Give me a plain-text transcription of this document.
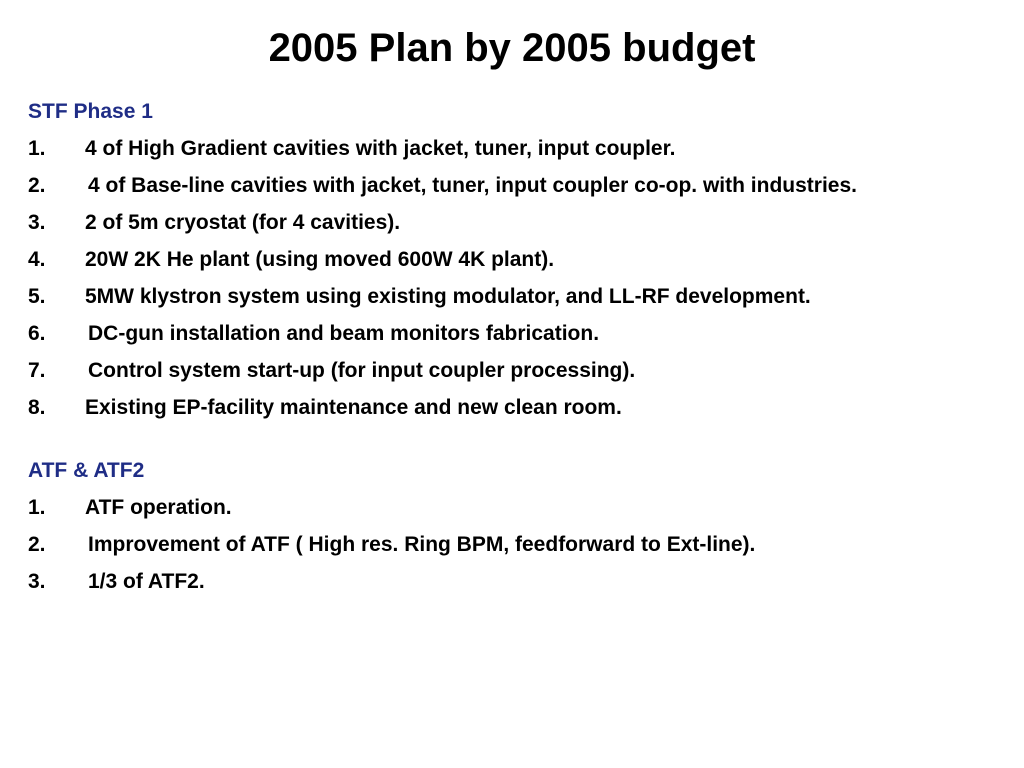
2005 Plan by 2005 budget
STF Phase 1
1.	4 of High Gradient cavities with jacket, tuner, input coupler.
2.	4 of Base-line cavities with jacket, tuner, input coupler co-op. with industries.
3.	2 of 5m cryostat (for 4 cavities).
4.	20W 2K He plant (using moved 600W 4K plant).
5.	5MW klystron system using existing modulator, and LL-RF development.
6.	DC-gun installation and beam monitors fabrication.
7.	Control system start-up (for input coupler processing).
8.	Existing EP-facility maintenance and new clean room.
ATF & ATF2
1.	ATF operation.
2.	Improvement of ATF ( High res. Ring BPM, feedforward to Ext-line).
3.	1/3 of ATF2.
